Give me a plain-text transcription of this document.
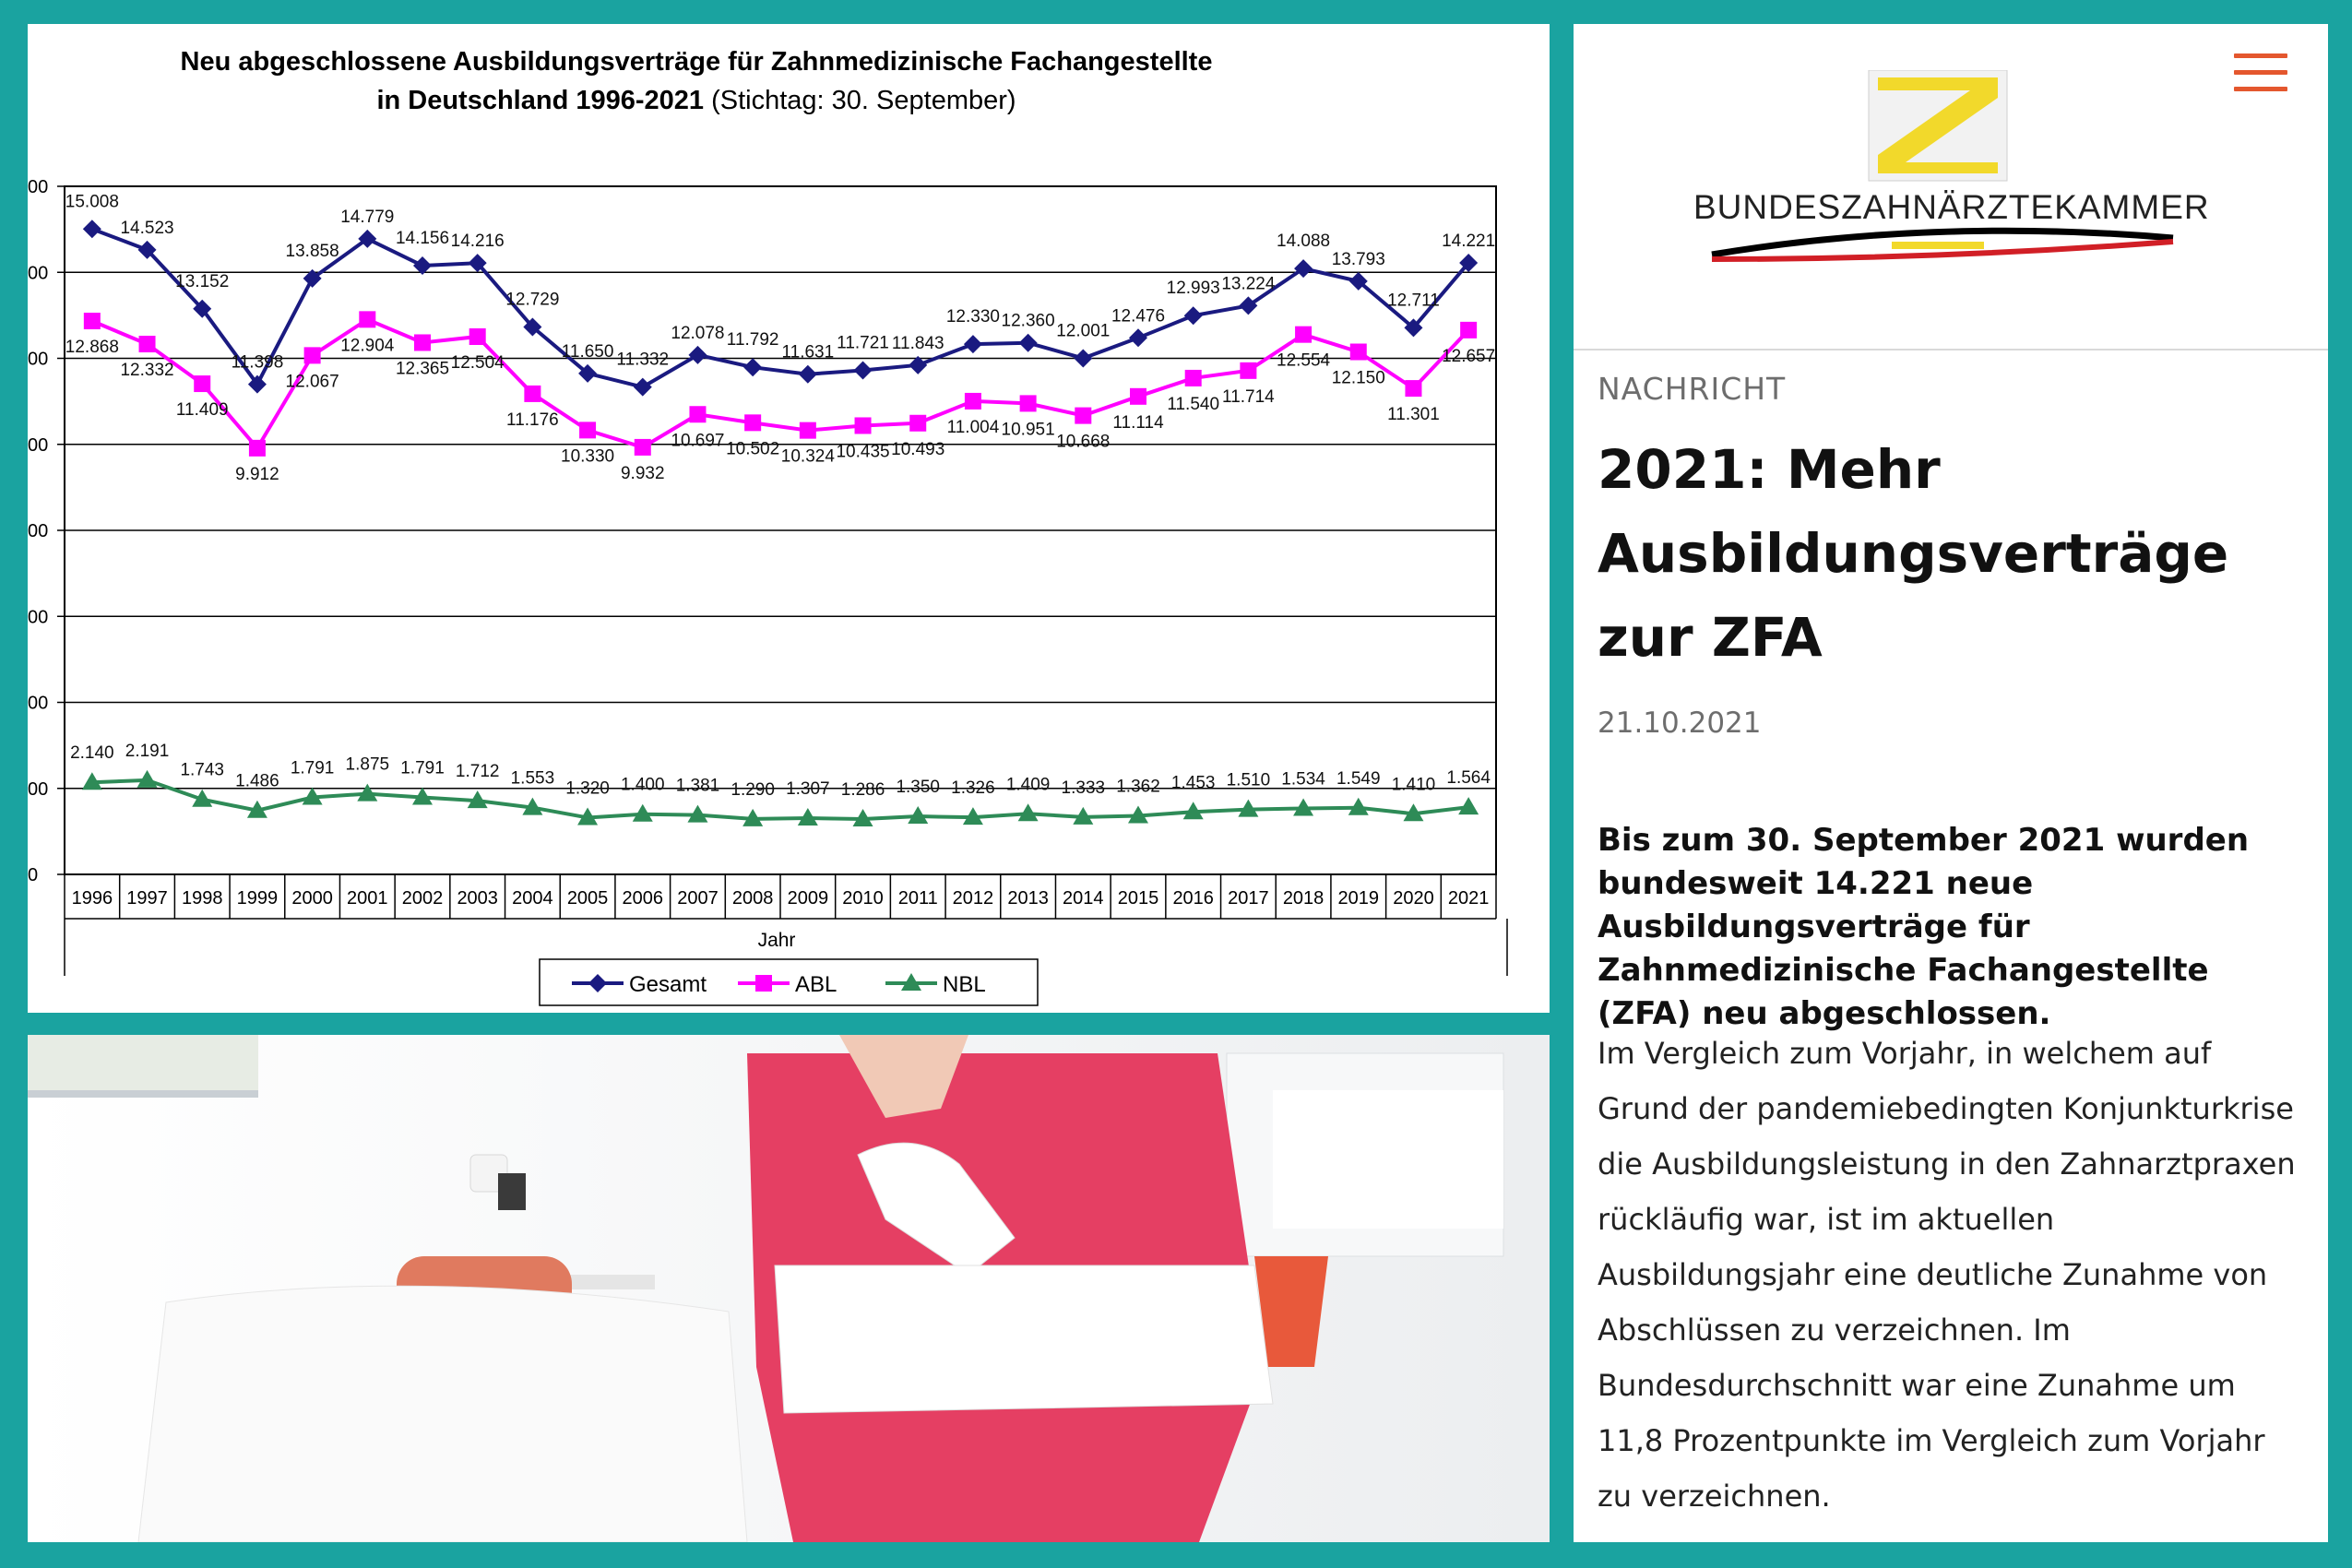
Neu abgeschlossene Ausbildungsverträge für Zahnmedizinische Fachangestellte
in Deutschland 1996-2021 (Stichtag: 30. September)
00
00
00
00
00
00
00
00
0
15.008
14.523
13.152
11.398
13.858
14.779
14.156 14.216
12.729
11.650 11.332
12.078 11.792
11.631 11.721 11.843
12.330 12.360
12.001
12.476
12.993 13.224
14.088
13.793
12.711
14.221
12.868
12.332
11.409
9.912
12.067
12.904
12.365 12.504
11.176
10.330
9.932
10.697 10.502 10.324 10.435 10.493
11.004 10.951
10.668
11.114
11.540 11.714
12.554
12.150
11.301
12.657
2.140 2.191
1.743
1.486
1.791 1.875 1.791 1.712 1.553
1.320 1.400 1.381 1.290 1.307 1.286 1.350 1.326 1.409 1.333 1.362 1.453 1.510 1.534 1.549 1.410 1.564
1996 1997 1998 1999 2000 2001 2002 2003 2004 2005 2006 2007 2008 2009 2010 2011 2012 2013 2014 2015 2016 2017 2018 2019 2020 2021
Jahr
Gesamt	ABL	NBL
BUNDESZAHNÄRZTEKAMMER
NACHRICHT
2021: Mehr Ausbildungsverträge zur ZFA
21.10.2021
Bis zum 30. September 2021 wurden bundesweit 14.221 neue Ausbildungsverträge für Zahnmedizinische Fachangestellte (ZFA) neu abgeschlossen.
Im Vergleich zum Vorjahr, in welchem auf Grund der pandemiebedingten Konjunkturkrise die Ausbildungsleistung in den Zahnarztpraxen rückläufig war, ist im aktuellen Ausbildungsjahr eine deutliche Zunahme von Abschlüssen zu verzeichnen. Im Bundesdurchschnitt war eine Zunahme um 11,8 Prozentpunkte im Vergleich zum Vorjahr zu verzeichnen.
